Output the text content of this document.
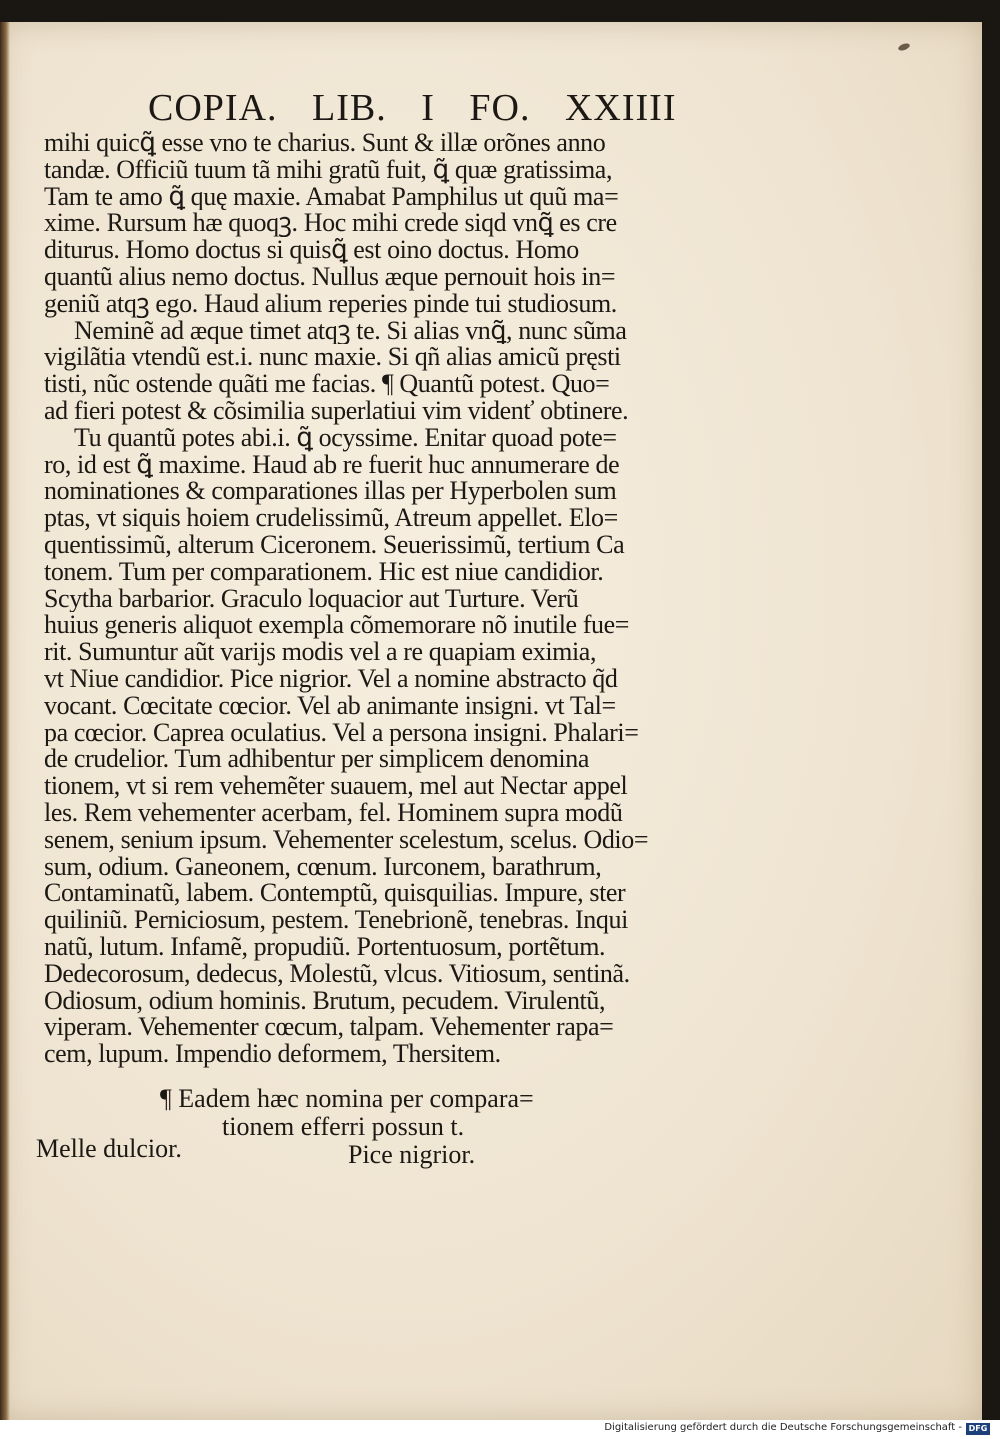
COPIA. LIB. I FO. XXIIII
mihi quicꝗ̃ esse vno te charius. Sunt & illæ orõnes anno
tandæ. Officiũ tuum tã mihi gratũ fuit, ꝗ̃ quæ gratissima,
Tam te amo ꝗ̃ quę maxie. Amabat Pamphilus ut quũ ma=
xime. Rursum hæ quoqꝫ. Hoc mihi crede siqd vnꝗ̃ es cre
diturus. Homo doctus si quisꝗ̃ est oino doctus. Homo
quantũ alius nemo doctus. Nullus æque pernouit hois in=
geniũ atqꝫ ego. Haud alium reperies pinde tui studiosum.
Neminẽ ad æque timet atqꝫ te. Si alias vnꝗ̃, nunc sũma
vigilãtia vtendũ est.i. nunc maxie. Si qñ alias amicũ pręsti
tisti, nũc ostende quãti me facias. ¶ Quantũ potest. Quo=
ad fieri potest & cõsimilia superlatiui vim videnť obtinere.
Tu quantũ potes abi.i. ꝗ̃ ocyssime. Enitar quoad pote=
ro, id est ꝗ̃ maxime. Haud ab re fuerit huc annumerare de
nominationes & comparationes illas per Hyperbolen sum
ptas, vt siquis hoiem crudelissimũ, Atreum appellet. Elo=
quentissimũ, alterum Ciceronem. Seuerissimũ, tertium Ca
tonem. Tum per comparationem. Hic est niue candidior.
Scytha barbarior. Graculo loquacior aut Turture. Verũ
huius generis aliquot exempla cõmemorare nõ inutile fue=
rit. Sumuntur aũt varijs modis vel a re quapiam eximia,
vt Niue candidior. Pice nigrior. Vel a nomine abstracto q̃d
vocant. Cœcitate cœcior. Vel ab animante insigni. vt Tal=
pa cœcior. Caprea oculatius. Vel a persona insigni. Phalari=
de crudelior. Tum adhibentur per simplicem denomina
tionem, vt si rem vehemẽter suauem, mel aut Nectar appel
les. Rem vehementer acerbam, fel. Hominem supra modũ
senem, senium ipsum. Vehementer scelestum, scelus. Odio=
sum, odium. Ganeonem, cœnum. Iurconem, barathrum,
Contaminatũ, labem. Contemptũ, quisquilias. Impure, ster
quiliniũ. Perniciosum, pestem. Tenebrionẽ, tenebras. Inqui
natũ, lutum. Infamẽ, propudiũ. Portentuosum, portẽtum.
Dedecorosum, dedecus, Molestũ, vlcus. Vitiosum, sentinã.
Odiosum, odium hominis. Brutum, pecudem. Virulentũ,
viperam. Vehementer cœcum, talpam. Vehementer rapa=
cem, lupum. Impendio deformem, Thersitem.
¶ Eadem hæc nomina per compara=
tionem efferri possun t.
Melle dulcior.	Pice nigrior.
Digitalisierung gefördert durch die Deutsche Forschungsgemeinschaft - DFG
